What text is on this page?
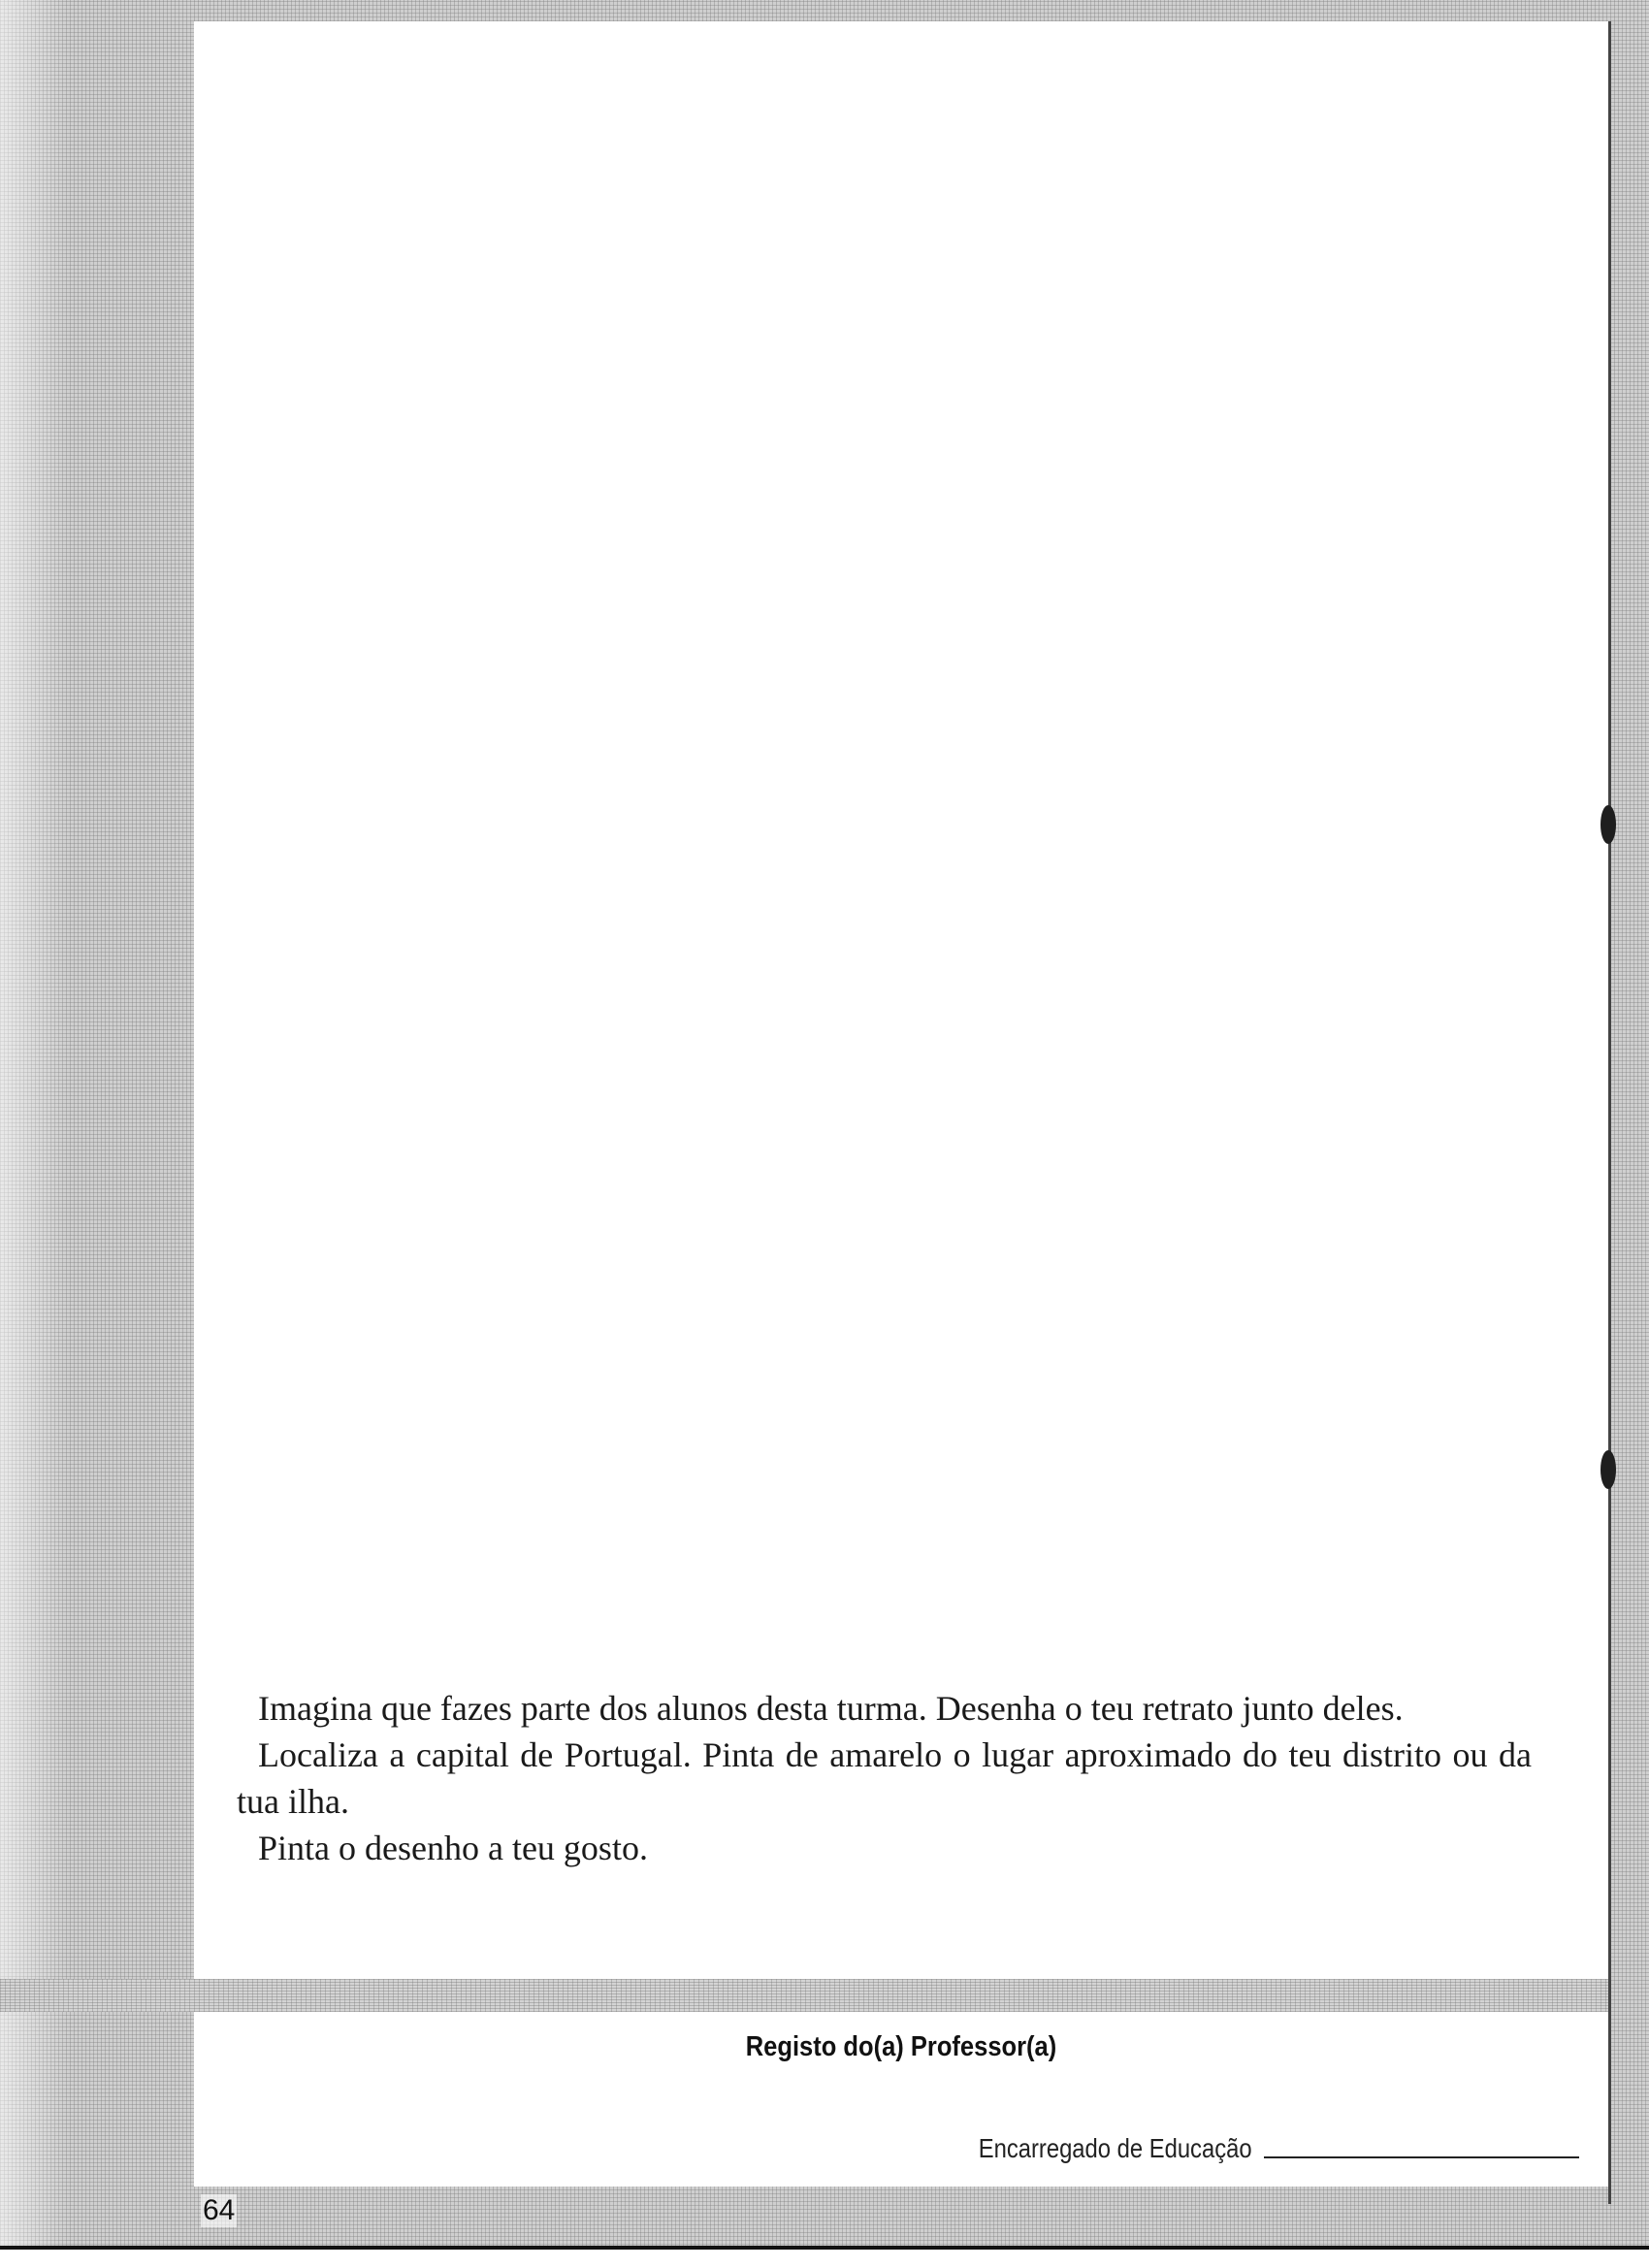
Imagina que fazes parte dos alunos desta turma. Desenha o teu retrato junto deles.

Localiza a capital de Portugal. Pinta de amarelo o lugar aproximado do teu distrito ou da tua ilha.

Pinta o desenho a teu gosto.

Registo do(a) Professor(a)
Encarregado de Educação
64
